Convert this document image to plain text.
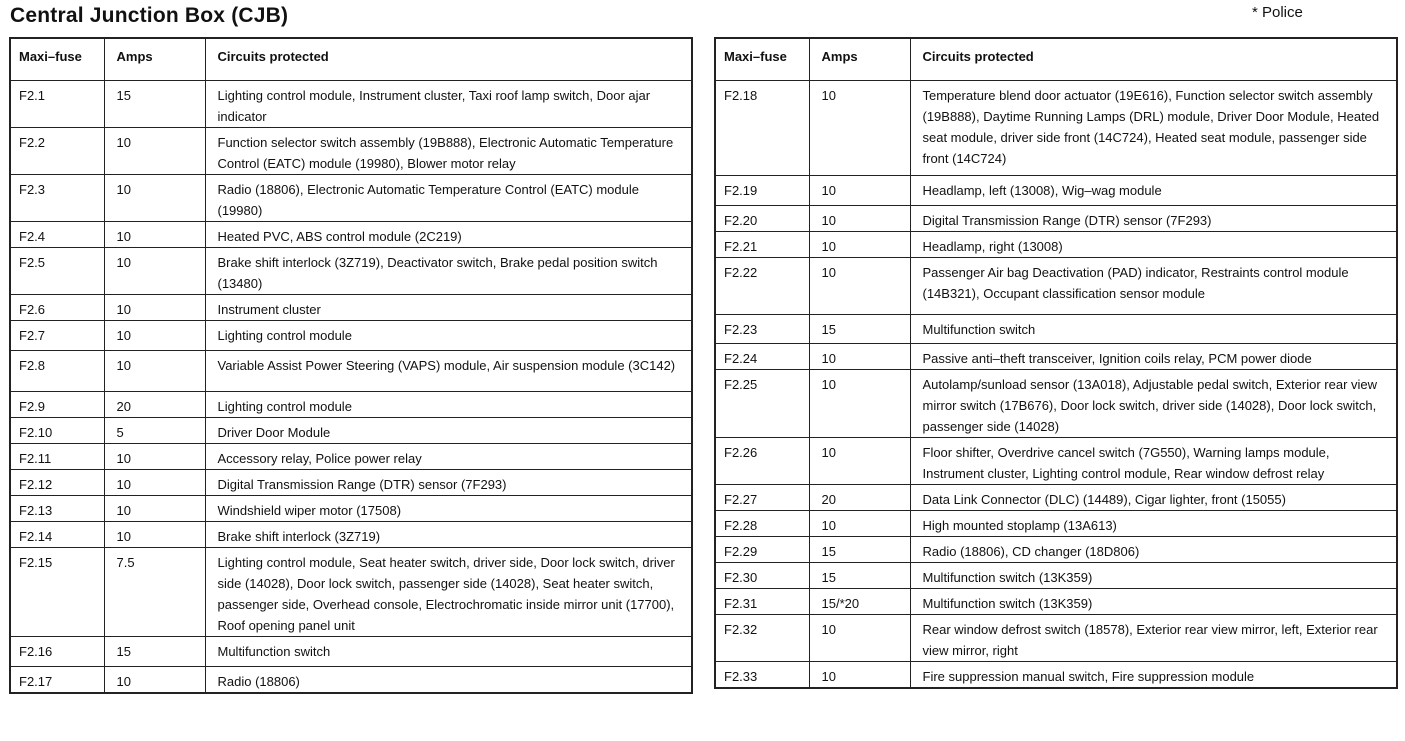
Central Junction Box (CJB)	* Police
Maxi–fuse	Amps	Circuits protected
F2.1	15	Lighting control module, Instrument cluster, Taxi roof lamp switch, Door ajar indicator
F2.2	10	Function selector switch assembly (19B888), Electronic Automatic Temperature Control (EATC) module (19980), Blower motor relay
F2.3	10	Radio (18806), Electronic Automatic Temperature Control (EATC) module (19980)
F2.4	10	Heated PVC, ABS control module (2C219)
F2.5	10	Brake shift interlock (3Z719), Deactivator switch, Brake pedal position switch (13480)
F2.6	10	Instrument cluster
F2.7	10	Lighting control module
F2.8	10	Variable Assist Power Steering (VAPS) module, Air suspension module (3C142)
F2.9	20	Lighting control module
F2.10	5	Driver Door Module
F2.11	10	Accessory relay, Police power relay
F2.12	10	Digital Transmission Range (DTR) sensor (7F293)
F2.13	10	Windshield wiper motor (17508)
F2.14	10	Brake shift interlock (3Z719)
F2.15	7.5	Lighting control module, Seat heater switch, driver side, Door lock switch, driver side (14028), Door lock switch, passenger side (14028), Seat heater switch, passenger side, Overhead console, Electrochromatic inside mirror unit (17700), Roof opening panel unit
F2.16	15	Multifunction switch
F2.17	10	Radio (18806)
Maxi–fuse	Amps	Circuits protected
F2.18	10	Temperature blend door actuator (19E616), Function selector switch assembly (19B888), Daytime Running Lamps (DRL) module, Driver Door Module, Heated seat module, driver side front (14C724), Heated seat module, passenger side front (14C724)
F2.19	10	Headlamp, left (13008), Wig–wag module
F2.20	10	Digital Transmission Range (DTR) sensor (7F293)
F2.21	10	Headlamp, right (13008)
F2.22	10	Passenger Air bag Deactivation (PAD) indicator, Restraints control module (14B321), Occupant classification sensor module
F2.23	15	Multifunction switch
F2.24	10	Passive anti–theft transceiver, Ignition coils relay, PCM power diode
F2.25	10	Autolamp/sunload sensor (13A018), Adjustable pedal switch, Exterior rear view mirror switch (17B676), Door lock switch, driver side (14028), Door lock switch, passenger side (14028)
F2.26	10	Floor shifter, Overdrive cancel switch (7G550), Warning lamps module, Instrument cluster, Lighting control module, Rear window defrost relay
F2.27	20	Data Link Connector (DLC) (14489), Cigar lighter, front (15055)
F2.28	10	High mounted stoplamp (13A613)
F2.29	15	Radio (18806), CD changer (18D806)
F2.30	15	Multifunction switch (13K359)
F2.31	15/*20	Multifunction switch (13K359)
F2.32	10	Rear window defrost switch (18578), Exterior rear view mirror, left, Exterior rear view mirror, right
F2.33	10	Fire suppression manual switch, Fire suppression module
